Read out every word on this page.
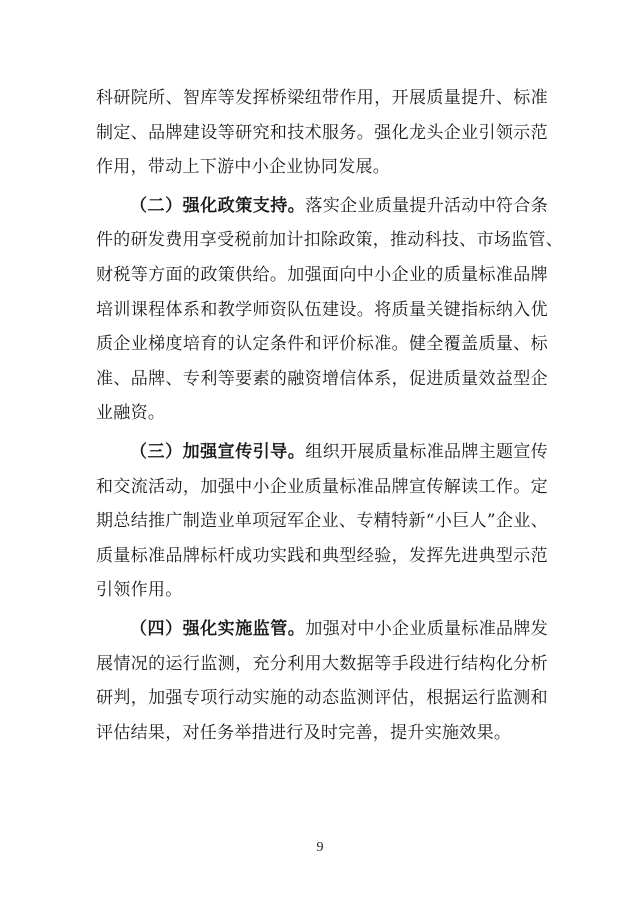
科研院所、智库等发挥桥梁纽带作用，开展质量提升、标准
制定、品牌建设等研究和技术服务。强化龙头企业引领示范
作用，带动上下游中小企业协同发展。
（二）强化政策支持。落实企业质量提升活动中符合条
件的研发费用享受税前加计扣除政策，推动科技、市场监管、
财税等方面的政策供给。加强面向中小企业的质量标准品牌
培训课程体系和教学师资队伍建设。将质量关键指标纳入优
质企业梯度培育的认定条件和评价标准。健全覆盖质量、标
准、品牌、专利等要素的融资增信体系，促进质量效益型企
业融资。
（三）加强宣传引导。组织开展质量标准品牌主题宣传
和交流活动，加强中小企业质量标准品牌宣传解读工作。定
期总结推广制造业单项冠军企业、专精特新“小巨人”企业、
质量标准品牌标杆成功实践和典型经验，发挥先进典型示范
引领作用。
（四）强化实施监管。加强对中小企业质量标准品牌发
展情况的运行监测，充分利用大数据等手段进行结构化分析
研判，加强专项行动实施的动态监测评估，根据运行监测和
评估结果，对任务举措进行及时完善，提升实施效果。
9
